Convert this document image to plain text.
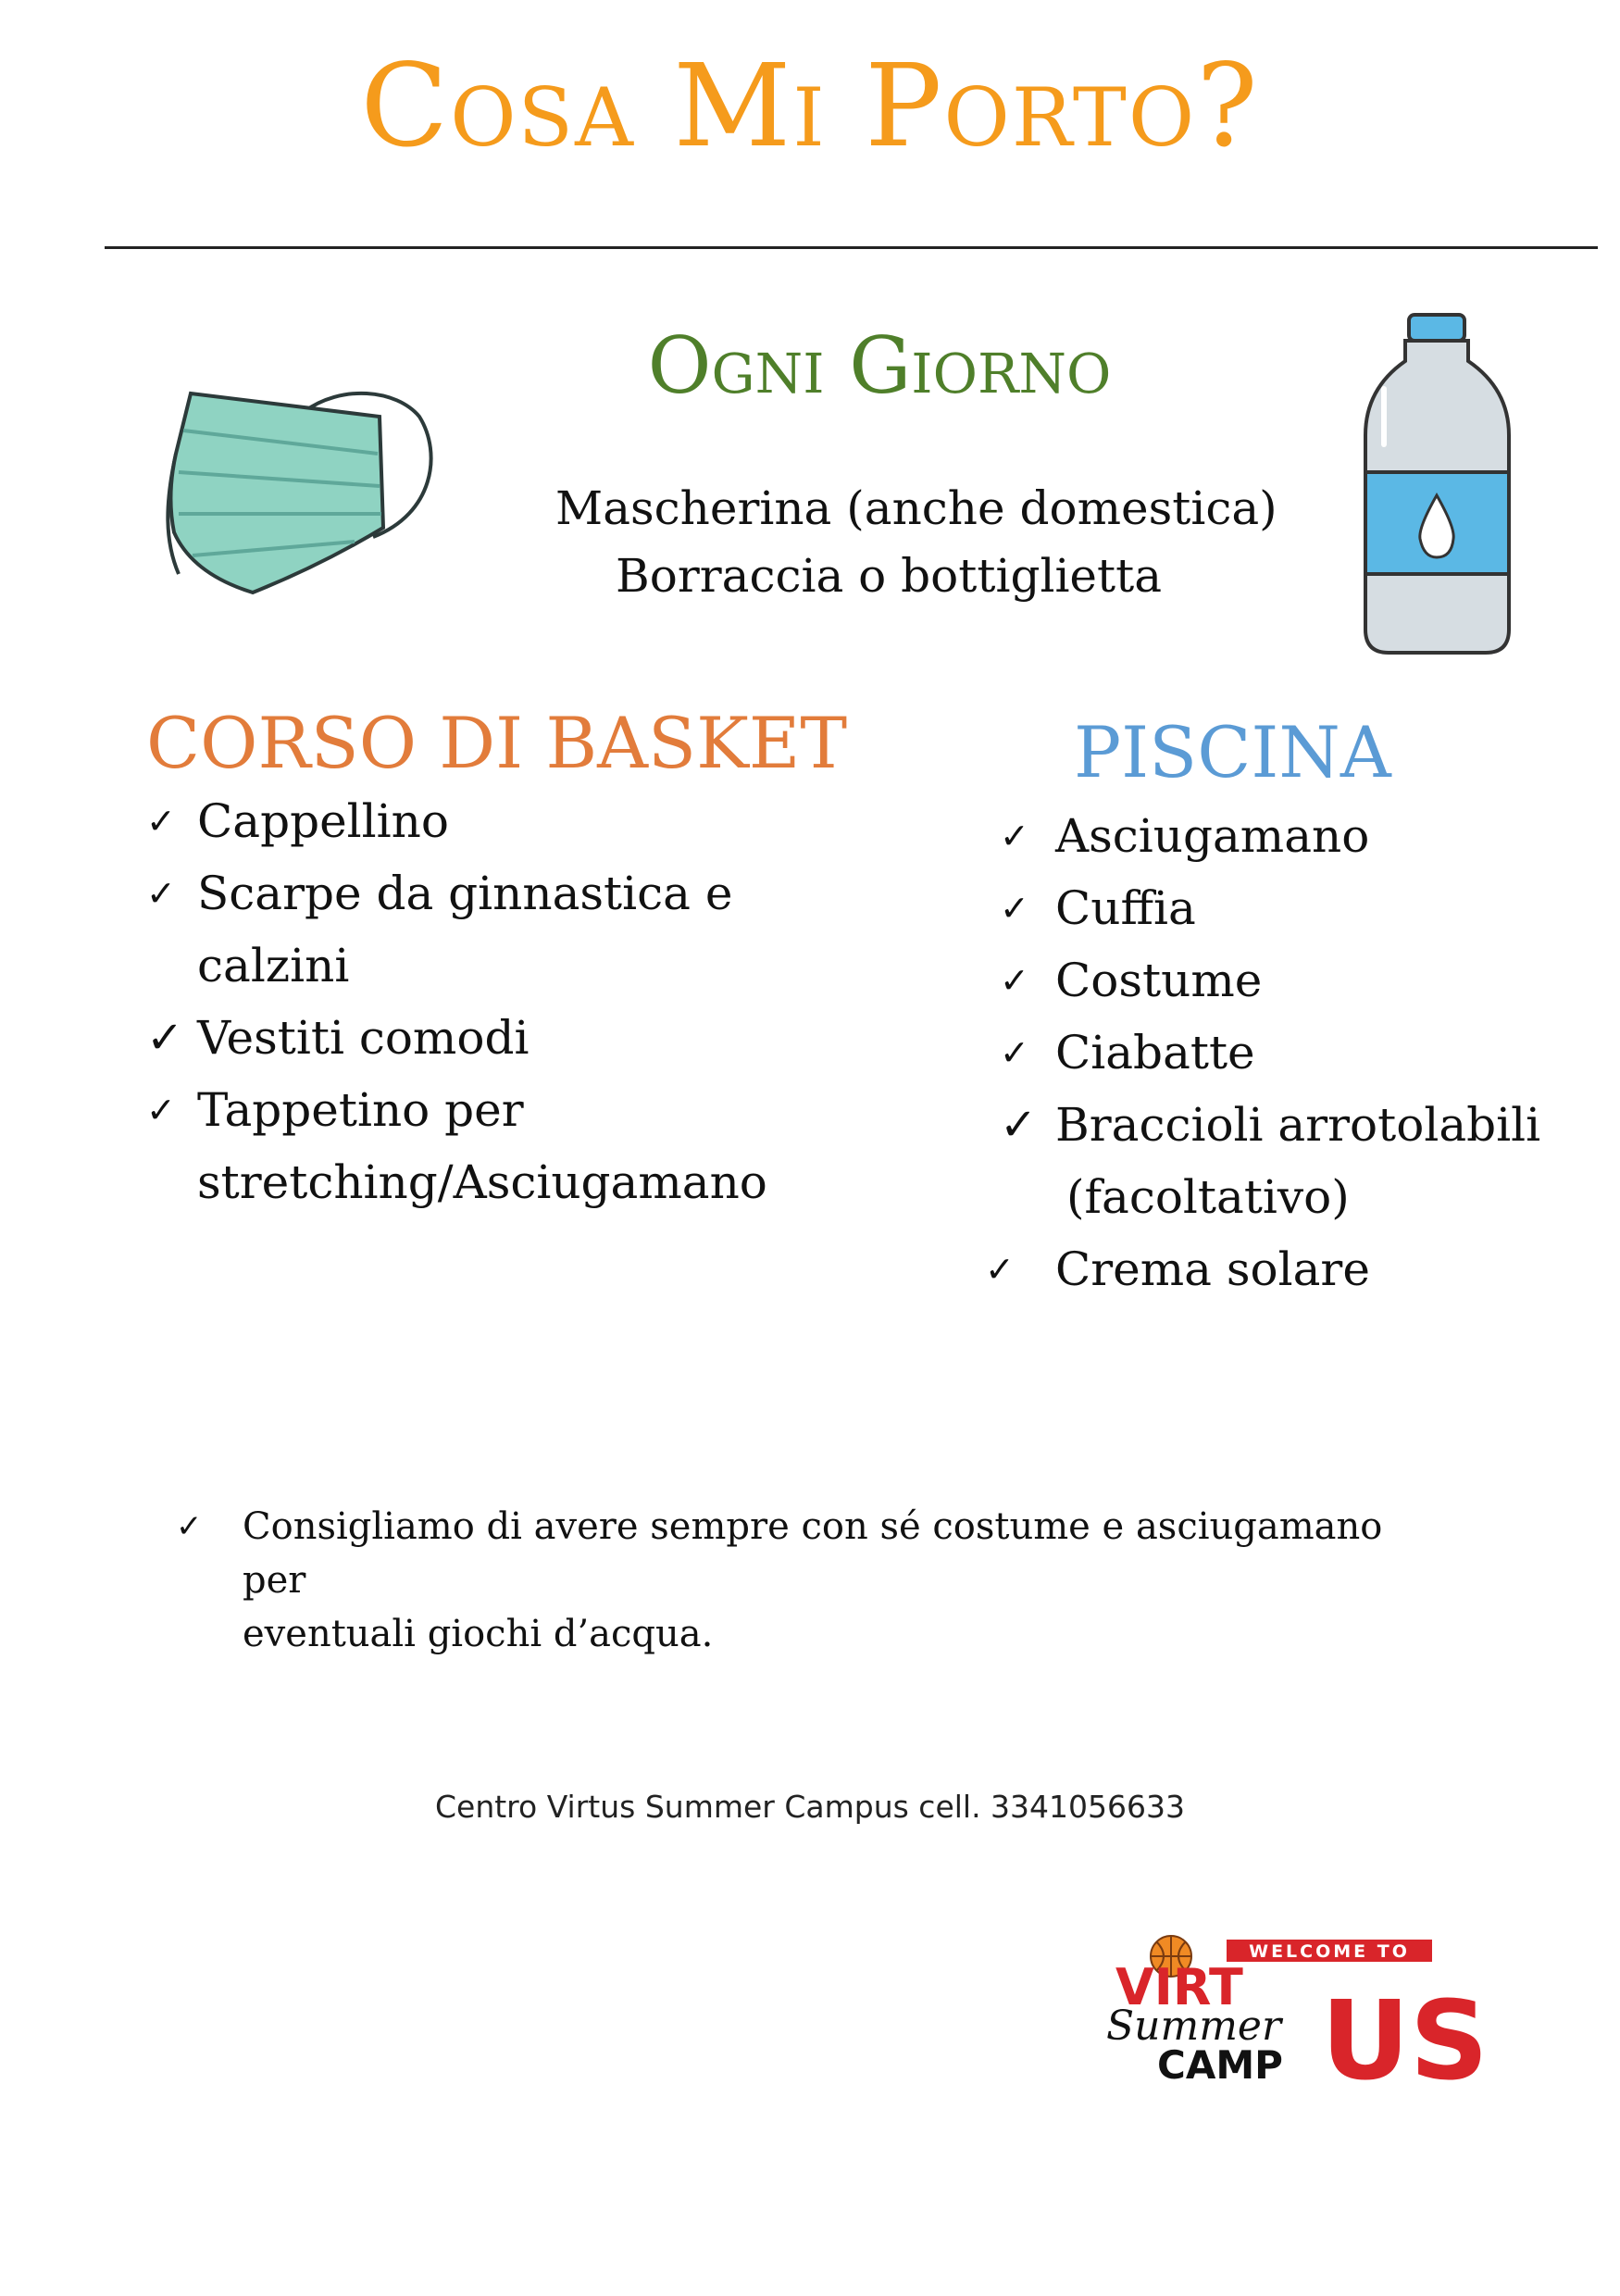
Cosa Mi Porto?
Ogni Giorno
Mascherina (anche domestica)
Borraccia o bottiglietta
CORSO DI BASKET
✓ Cappellino
✓ Scarpe da ginnastica e
calzini
✓ Vestiti comodi
✓ Tappetino per
stretching/Asciugamano
PISCINA
✓ Asciugamano
✓ Cuffia
✓ Costume
✓ Ciabatte
✓ Braccioli arrotolabili
(facoltativo)
✓ Crema solare
✓ Consigliamo di avere sempre con sé costume e asciugamano per
eventuali giochi d’acqua.
Centro Virtus Summer Campus cell. 3341056633
WELCOME TO
VIRT
Summer
CAMP US
